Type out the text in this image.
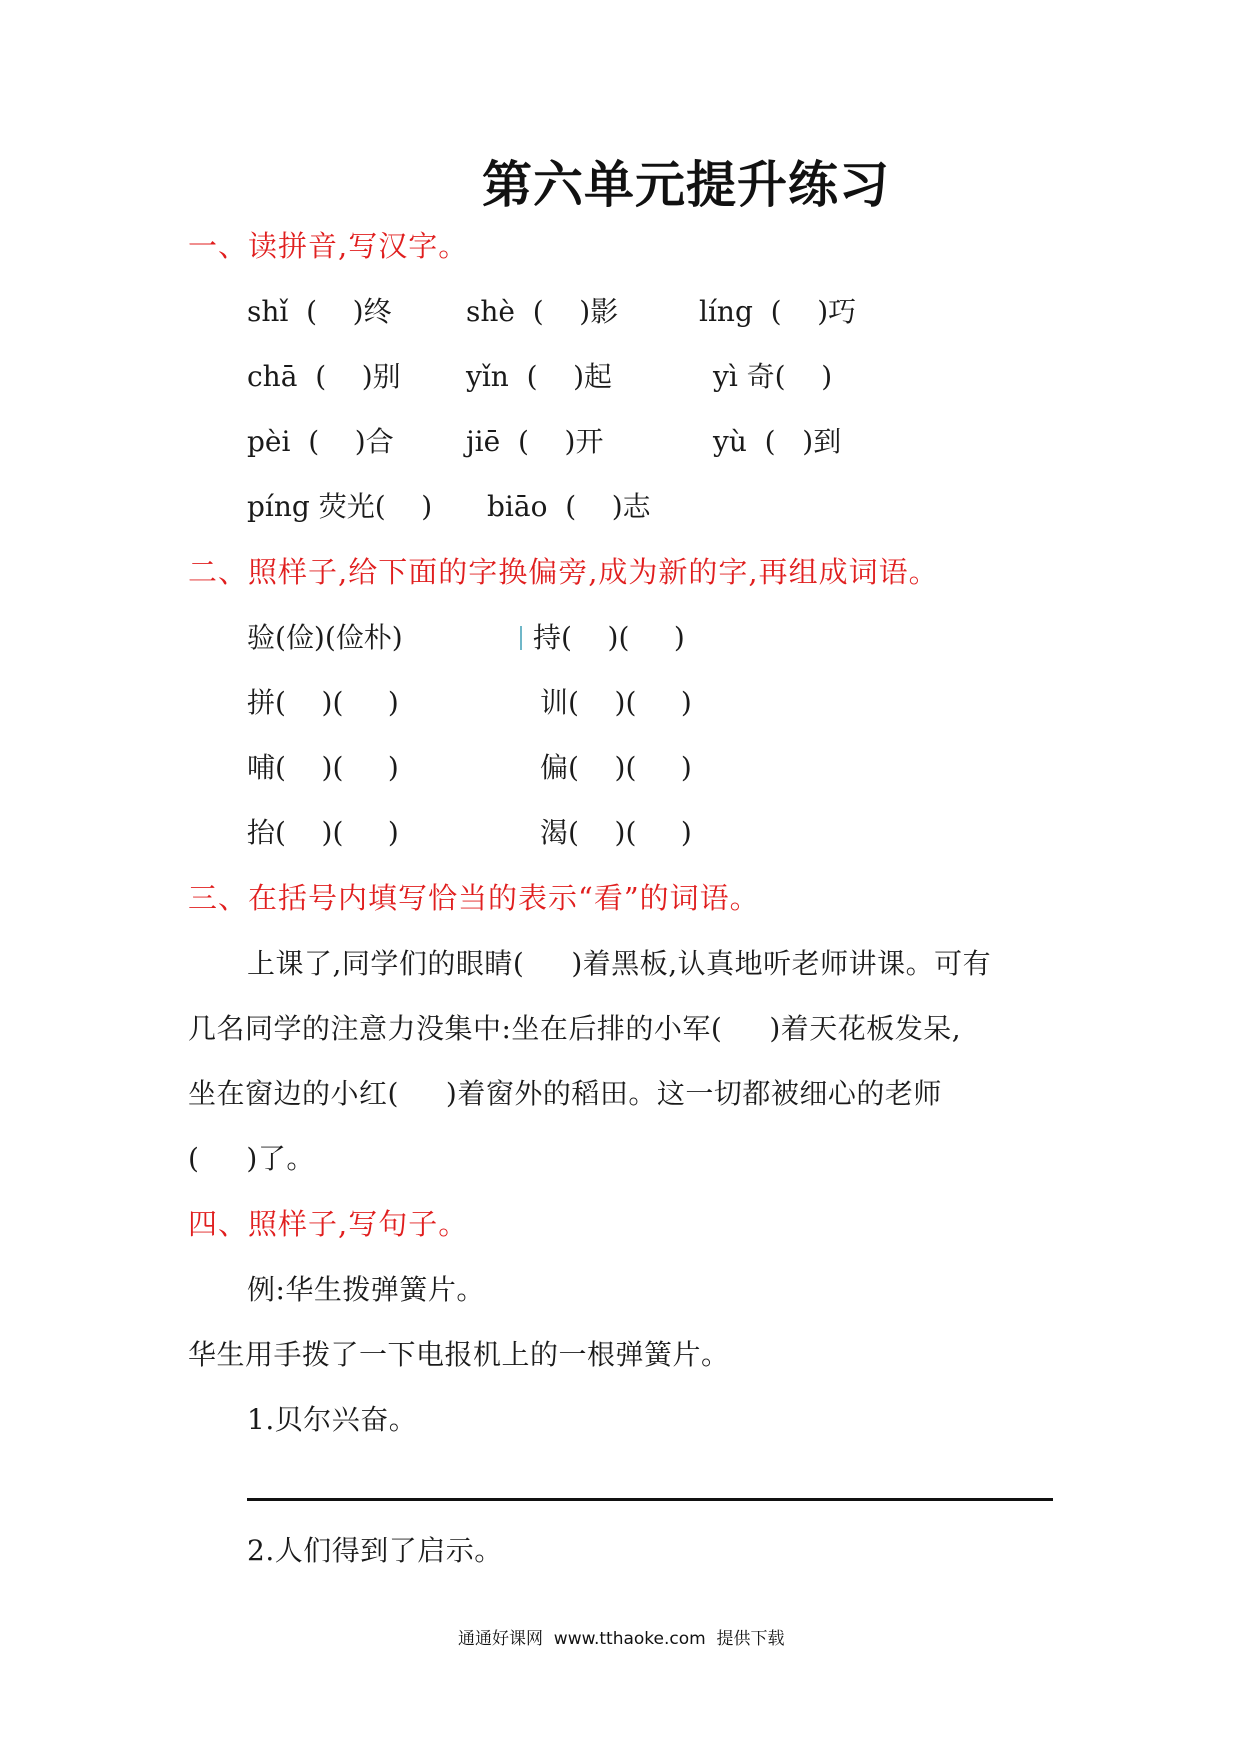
第六单元提升练习
一、读拼音,写汉字。
shǐ  (    )终	shè  (    )影	líng  (    )巧
chā  (    )别 yǐn  (    )起	yì 奇(    )
pèi  (    )合	jiē  (    )开	yù  (   )到
píng 荧光(    ) biāo  (    )志
二、照样子,给下面的字换偏旁,成为新的字,再组成词语。
验(俭)(俭朴)	持(    )(     )
拼(    )(     )	训(    )(     )
哺(    )(     )	偏(    )(     )
抬(    )(     )	渴(    )(     )
三、在括号内填写恰当的表示“看”的词语。
上课了,同学们的眼睛(     )着黑板,认真地听老师讲课。可有
几名同学的注意力没集中:坐在后排的小军(     )着天花板发呆,
坐在窗边的小红(     )着窗外的稻田。这一切都被细心的老师
(     )了。
四、照样子,写句子。
例:华生拨弹簧片。
华生用手拨了一下电报机上的一根弹簧片。
1.贝尔兴奋。
2.人们得到了启示。
通通好课网  www.tthaoke.com  提供下载
